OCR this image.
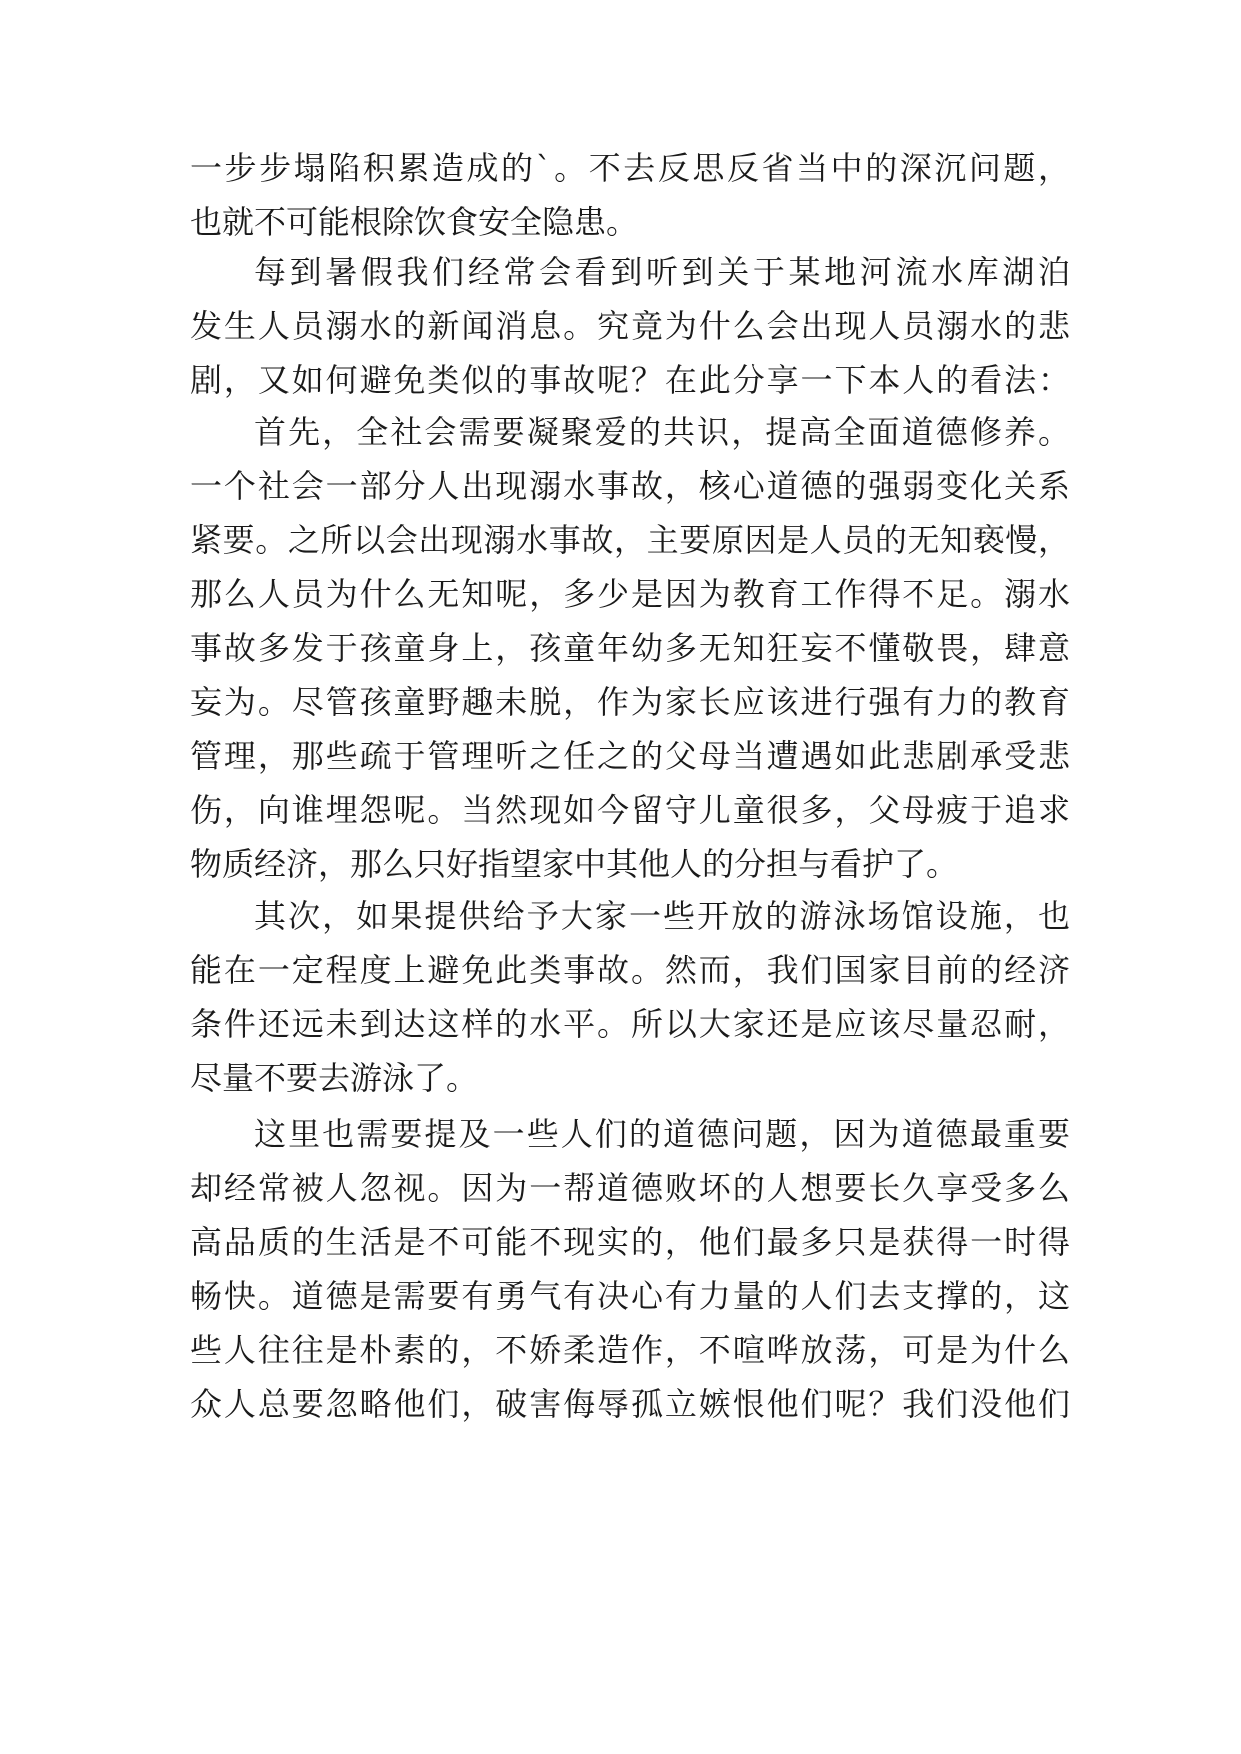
一步步塌陷积累造成的`。不去反思反省当中的深沉问题，
也就不可能根除饮食安全隐患。
每到暑假我们经常会看到听到关于某地河流水库湖泊
发生人员溺水的新闻消息。究竟为什么会出现人员溺水的悲
剧，又如何避免类似的事故呢？在此分享一下本人的看法：
首先，全社会需要凝聚爱的共识，提高全面道德修养。
一个社会一部分人出现溺水事故，核心道德的强弱变化关系
紧要。之所以会出现溺水事故，主要原因是人员的无知亵慢，
那么人员为什么无知呢，多少是因为教育工作得不足。溺水
事故多发于孩童身上，孩童年幼多无知狂妄不懂敬畏，肆意
妄为。尽管孩童野趣未脱，作为家长应该进行强有力的教育
管理，那些疏于管理听之任之的父母当遭遇如此悲剧承受悲
伤，向谁埋怨呢。当然现如今留守儿童很多，父母疲于追求
物质经济，那么只好指望家中其他人的分担与看护了。
其次，如果提供给予大家一些开放的游泳场馆设施，也
能在一定程度上避免此类事故。然而，我们国家目前的经济
条件还远未到达这样的水平。所以大家还是应该尽量忍耐，
尽量不要去游泳了。
这里也需要提及一些人们的道德问题，因为道德最重要
却经常被人忽视。因为一帮道德败坏的人想要长久享受多么
高品质的生活是不可能不现实的，他们最多只是获得一时得
畅快。道德是需要有勇气有决心有力量的人们去支撑的，这
些人往往是朴素的，不娇柔造作，不喧哗放荡，可是为什么
众人总要忽略他们，破害侮辱孤立嫉恨他们呢？我们没他们
